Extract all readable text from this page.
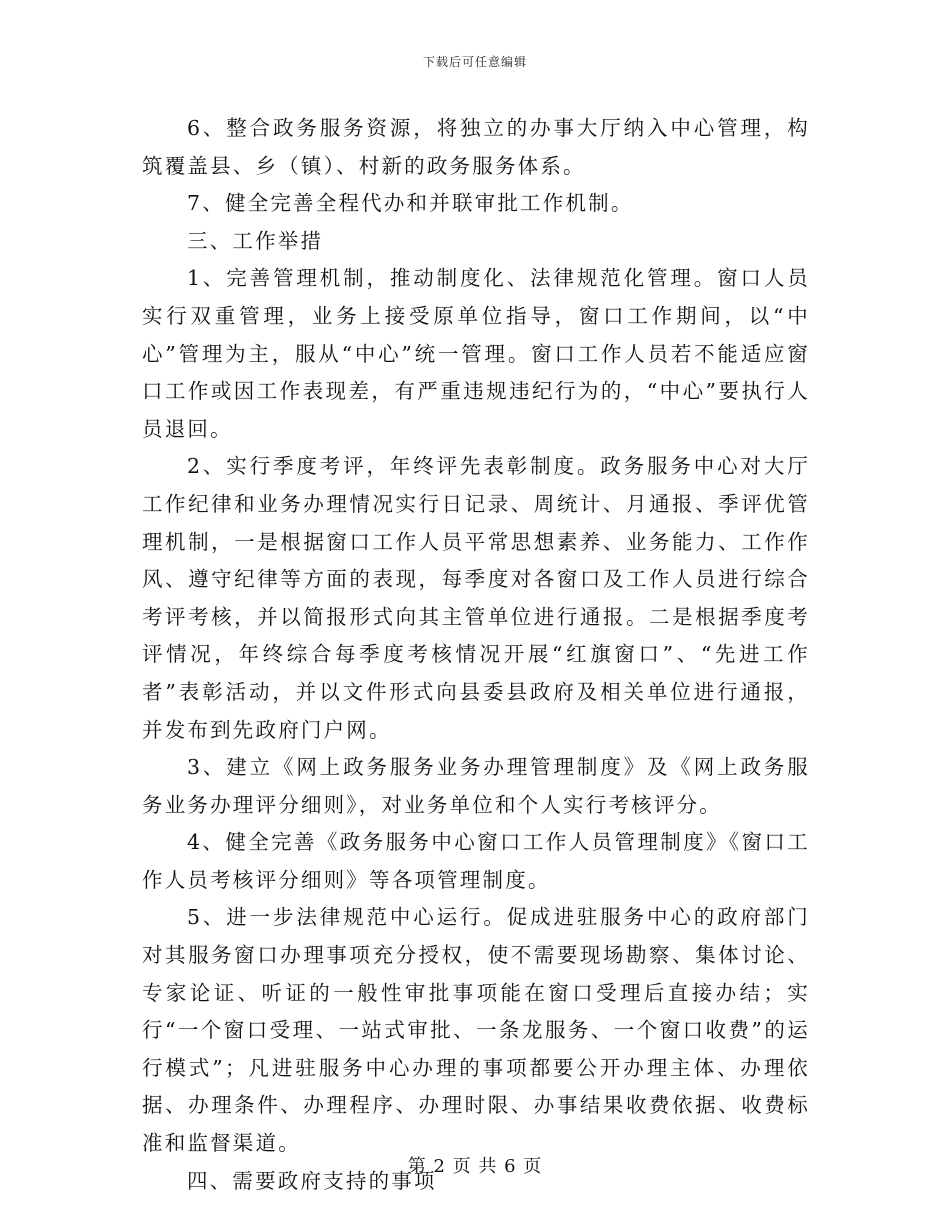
下载后可任意编辑

6、整合政务服务资源，将独立的办事大厅纳入中心管理，构筑覆盖县、乡（镇）、村新的政务服务体系。

7、健全完善全程代办和并联审批工作机制。

三、工作举措

1、完善管理机制，推动制度化、法律规范化管理。窗口人员实行双重管理，业务上接受原单位指导，窗口工作期间，以“中心”管理为主，服从“中心”统一管理。窗口工作人员若不能适应窗口工作或因工作表现差，有严重违规违纪行为的，“中心”要执行人员退回。

2、实行季度考评，年终评先表彰制度。政务服务中心对大厅工作纪律和业务办理情况实行日记录、周统计、月通报、季评优管理机制，一是根据窗口工作人员平常思想素养、业务能力、工作作风、遵守纪律等方面的表现，每季度对各窗口及工作人员进行综合考评考核，并以简报形式向其主管单位进行通报。二是根据季度考评情况，年终综合每季度考核情况开展“红旗窗口”、“先进工作者”表彰活动，并以文件形式向县委县政府及相关单位进行通报，并发布到先政府门户网。

3、建立《网上政务服务业务办理管理制度》及《网上政务服务业务办理评分细则》，对业务单位和个人实行考核评分。

4、健全完善《政务服务中心窗口工作人员管理制度》《窗口工作人员考核评分细则》等各项管理制度。

5、进一步法律规范中心运行。促成进驻服务中心的政府部门对其服务窗口办理事项充分授权，使不需要现场勘察、集体讨论、专家论证、听证的一般性审批事项能在窗口受理后直接办结；实行“一个窗口受理、一站式审批、一条龙服务、一个窗口收费”的运行模式”；凡进驻服务中心办理的事项都要公开办理主体、办理依据、办理条件、办理程序、办理时限、办事结果收费依据、收费标准和监督渠道。

四、需要政府支持的事项

第 2 页 共 6 页
